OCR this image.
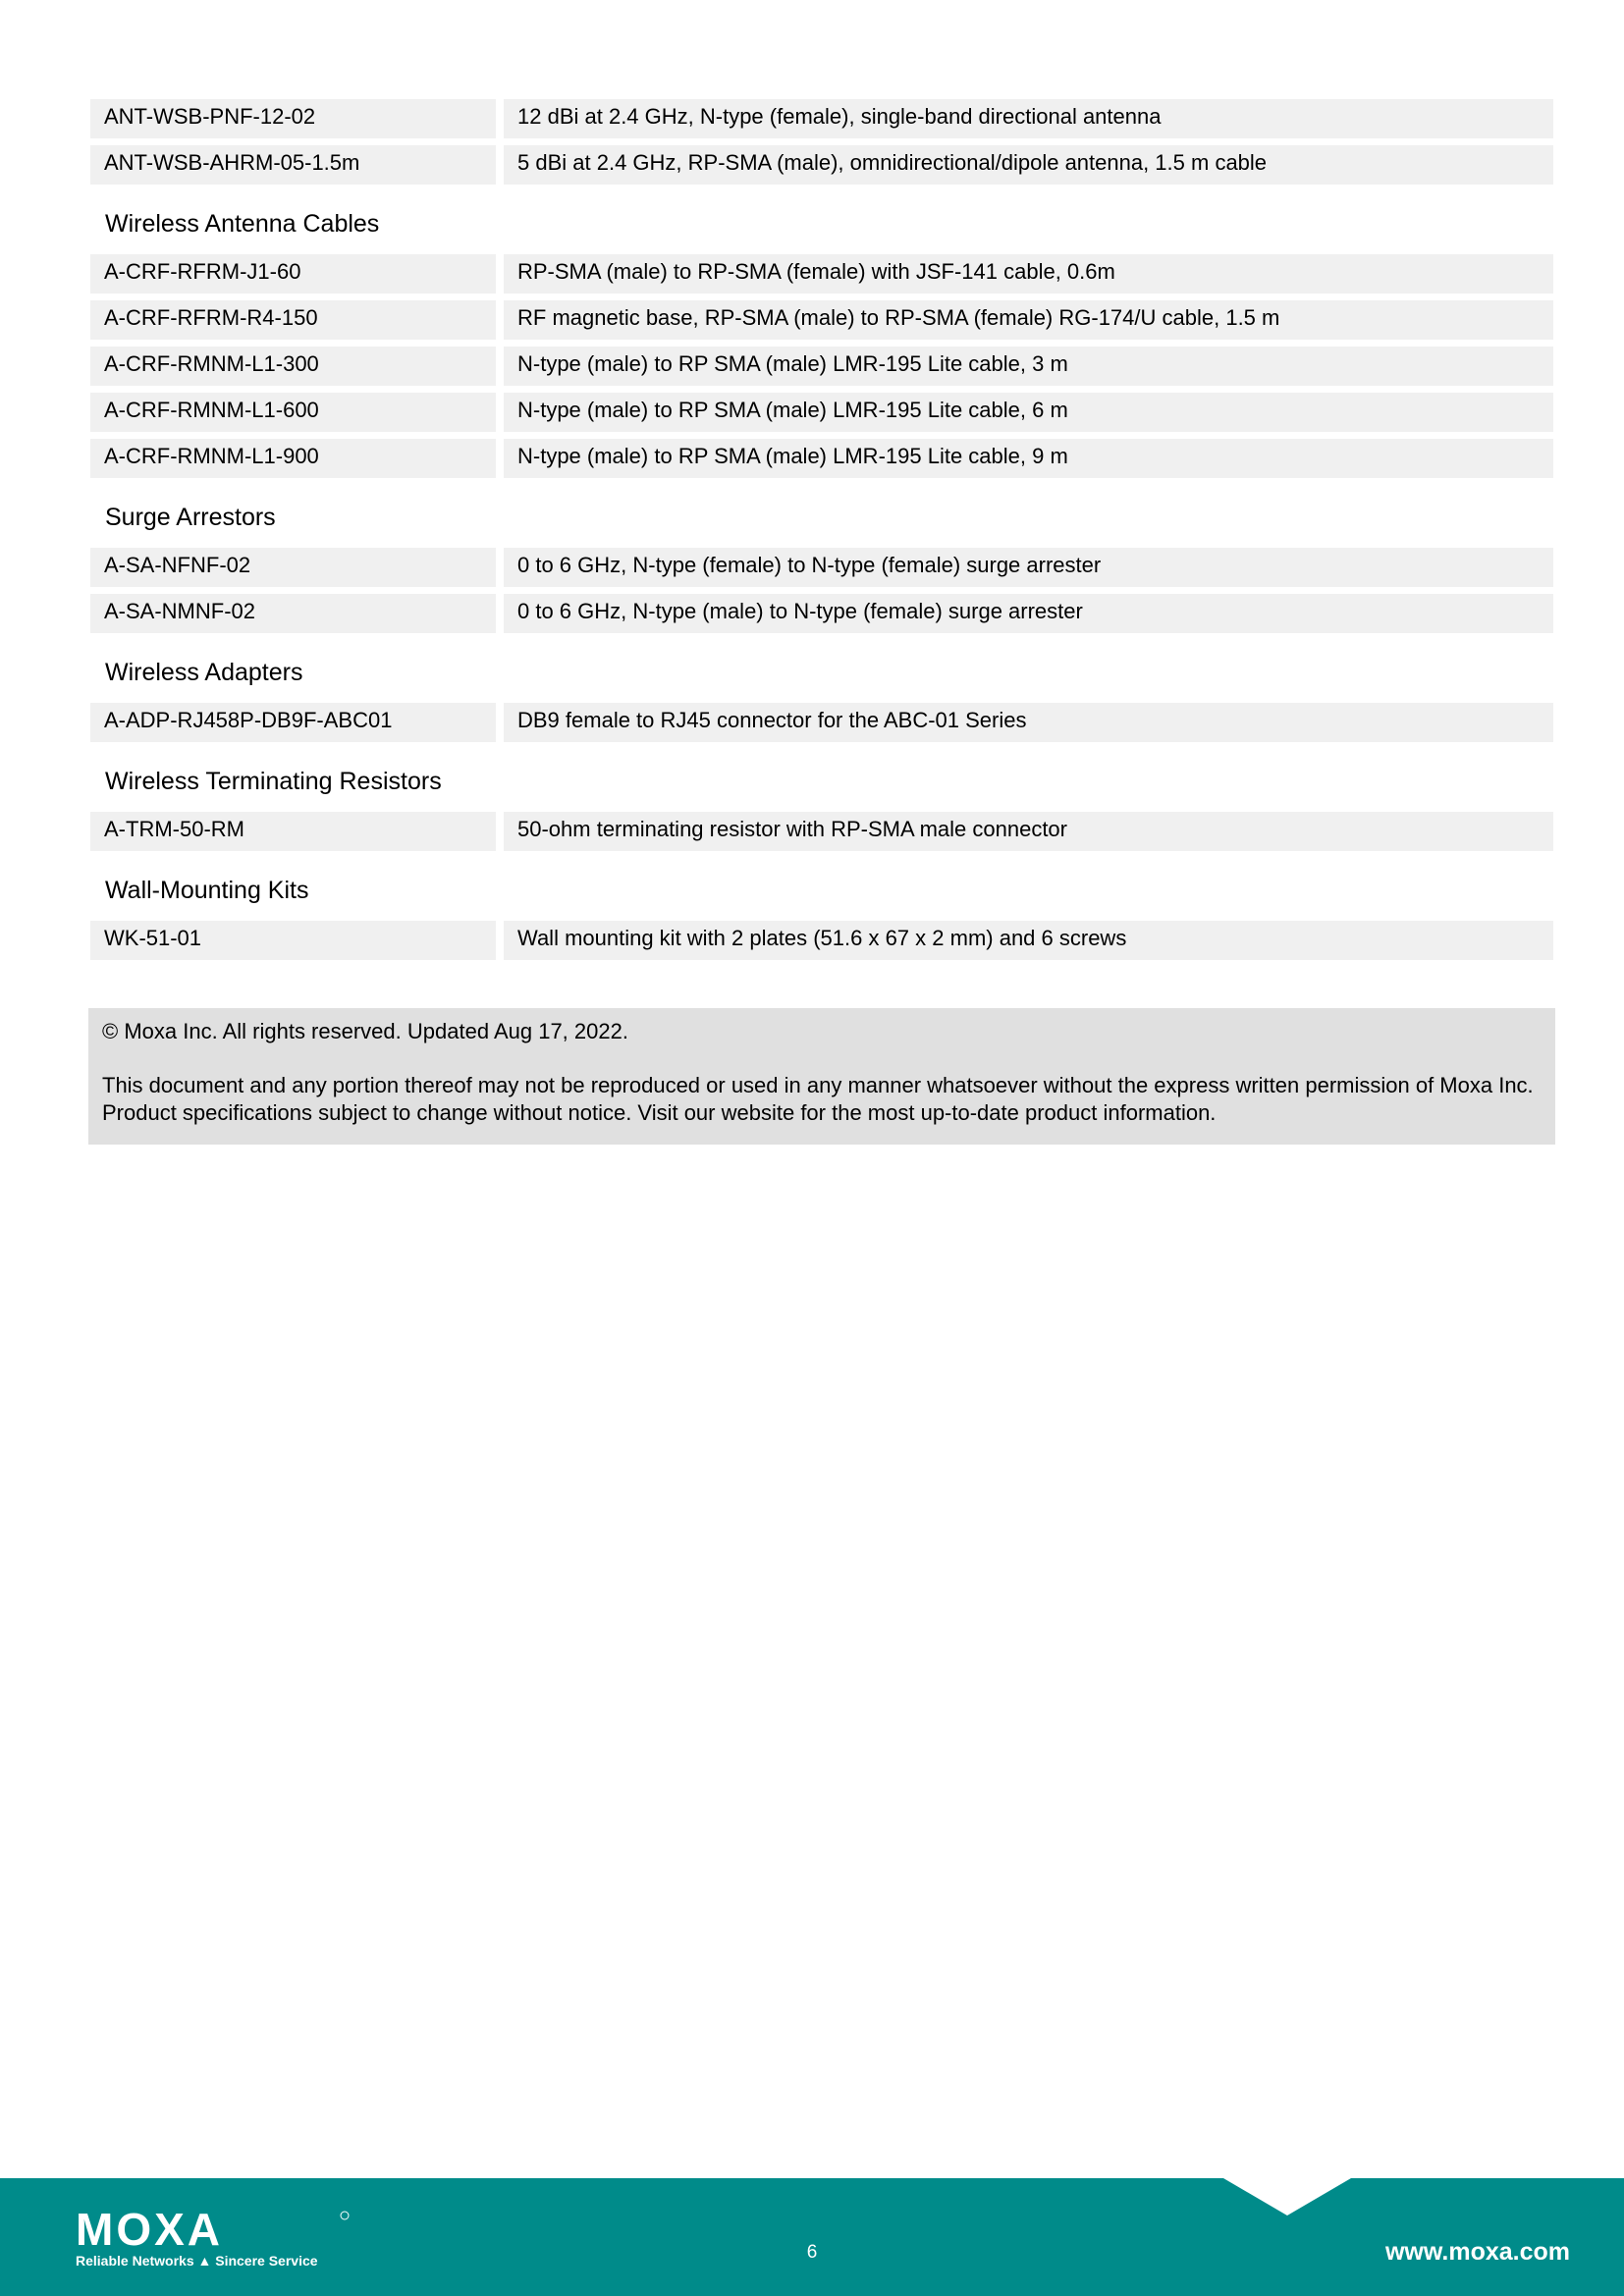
ANT-WSB-PNF-12-02	12 dBi at 2.4 GHz, N-type (female), single-band directional antenna
ANT-WSB-AHRM-05-1.5m	5 dBi at 2.4 GHz, RP-SMA (male), omnidirectional/dipole antenna, 1.5 m cable
Wireless Antenna Cables
A-CRF-RFRM-J1-60	RP-SMA (male) to RP-SMA (female) with JSF-141 cable, 0.6m
A-CRF-RFRM-R4-150	RF magnetic base, RP-SMA (male) to RP-SMA (female) RG-174/U cable, 1.5 m
A-CRF-RMNM-L1-300	N-type (male) to RP SMA (male) LMR-195 Lite cable, 3 m
A-CRF-RMNM-L1-600	N-type (male) to RP SMA (male) LMR-195 Lite cable, 6 m
A-CRF-RMNM-L1-900	N-type (male) to RP SMA (male) LMR-195 Lite cable, 9 m
Surge Arrestors
A-SA-NFNF-02	0 to 6 GHz, N-type (female) to N-type (female) surge arrester
A-SA-NMNF-02	0 to 6 GHz, N-type (male) to N-type (female) surge arrester
Wireless Adapters
A-ADP-RJ458P-DB9F-ABC01	DB9 female to RJ45 connector for the ABC-01 Series
Wireless Terminating Resistors
A-TRM-50-RM	50-ohm terminating resistor with RP-SMA male connector
Wall-Mounting Kits
WK-51-01	Wall mounting kit with 2 plates (51.6 x 67 x 2 mm) and 6 screws

© Moxa Inc. All rights reserved. Updated Aug 17, 2022.

This document and any portion thereof may not be reproduced or used in any manner whatsoever without the express written permission of Moxa Inc. Product specifications subject to change without notice. Visit our website for the most up-to-date product information.

MOXA
Reliable Networks ▲ Sincere Service	6	www.moxa.com
